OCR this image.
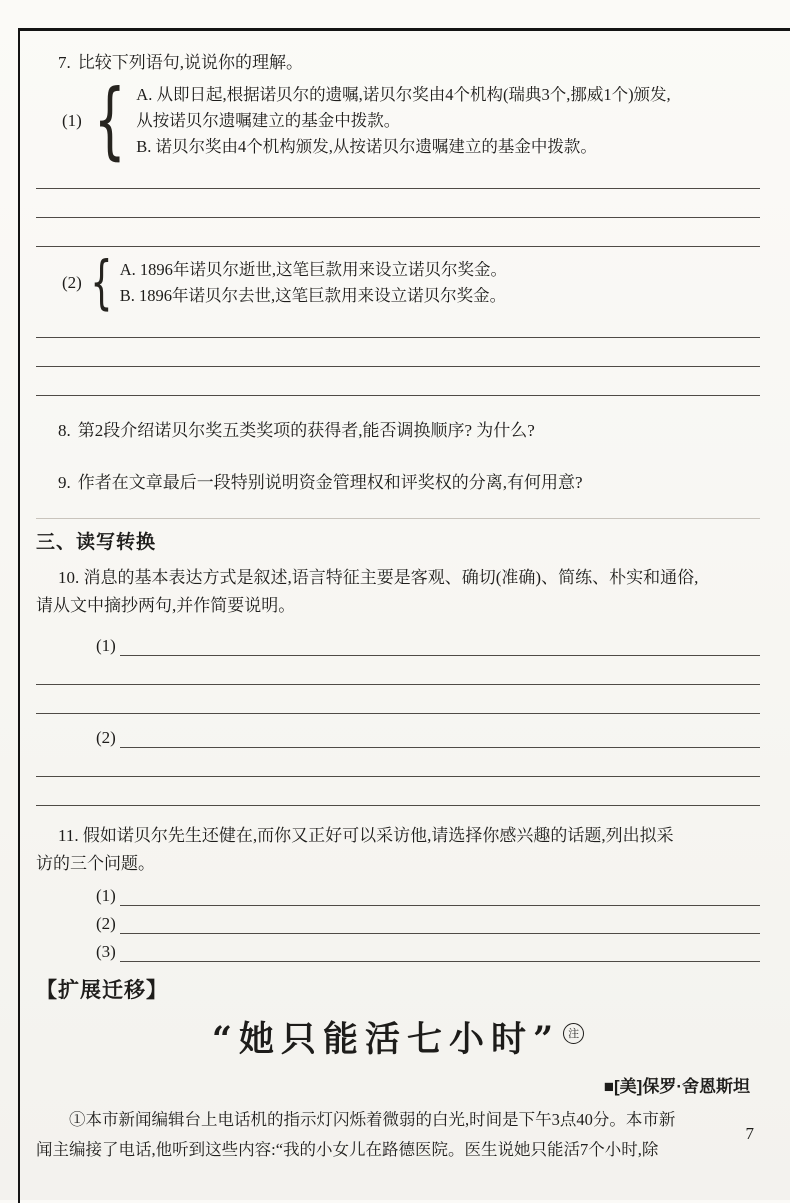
7. 比较下列语句,说说你的理解。
(1) { A. 从即日起,根据诺贝尔的遗嘱,诺贝尔奖由4个机构(瑞典3个,挪威1个)颁发,
从按诺贝尔遗嘱建立的基金中拨款。
B. 诺贝尔奖由4个机构颁发,从按诺贝尔遗嘱建立的基金中拨款。
(2) { A. 1896年诺贝尔逝世,这笔巨款用来设立诺贝尔奖金。
B. 1896年诺贝尔去世,这笔巨款用来设立诺贝尔奖金。
8. 第2段介绍诺贝尔奖五类奖项的获得者,能否调换顺序? 为什么?
9. 作者在文章最后一段特别说明资金管理权和评奖权的分离,有何用意?
三、读写转换
10. 消息的基本表达方式是叙述,语言特征主要是客观、确切(准确)、简练、朴实和通俗,
请从文中摘抄两句,并作简要说明。
(1)
(2)
11. 假如诺贝尔先生还健在,而你又正好可以采访他,请选择你感兴趣的话题,列出拟采
访的三个问题。
(1)
(2)
(3)
【扩展迁移】
“她只能活七小时” 注
■[美]保罗·舍恩斯坦
①本市新闻编辑台上电话机的指示灯闪烁着微弱的白光,时间是下午3点40分。本市新
闻主编接了电话,他听到这些内容:“我的小女儿在路德医院。医生说她只能活7个小时,除
7
